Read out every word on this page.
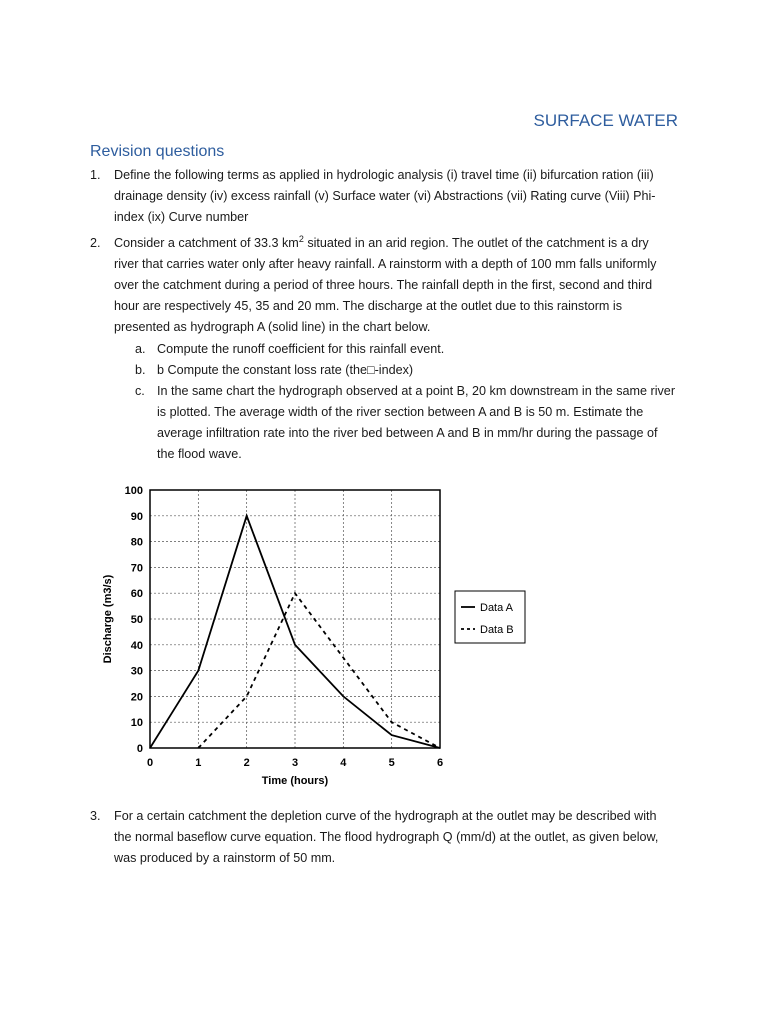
SURFACE WATER
Revision questions
1. Define the following terms as applied in hydrologic analysis (i) travel time (ii) bifurcation ration (iii) drainage density (iv) excess rainfall (v) Surface water (vi) Abstractions (vii) Rating curve (Viii) Phi-index (ix) Curve number
2. Consider a catchment of 33.3 $km^2$ situated in an arid region. The outlet of the catchment is a dry river that carries water only after heavy rainfall. A rainstorm with a depth of 100 mm falls uniformly over the catchment during a period of three hours. The rainfall depth in the first, second and third hour are respectively 45, 35 and 20 mm. The discharge at the outlet due to this rainstorm is presented as hydrograph A (solid line) in the chart below.
a. Compute the runoff coefficient for this rainfall event.
b. b Compute the constant loss rate (the□-index)
c. In the same chart the hydrograph observed at a point B, 20 km downstream in the same river is plotted. The average width of the river section between A and B is 50 m. Estimate the average infiltration rate into the river bed between A and B in mm/hr during the passage of the flood wave.
0
10
20
30
40
50
60
70
80
90
100
0	1	2	3	4	5	6
Discharge (m3/s)
Time (hours)
Data A
Data B
3. For a certain catchment the depletion curve of the hydrograph at the outlet may be described with the normal baseflow curve equation. The flood hydrograph Q (mm/d) at the outlet, as given below, was produced by a rainstorm of 50 mm.
